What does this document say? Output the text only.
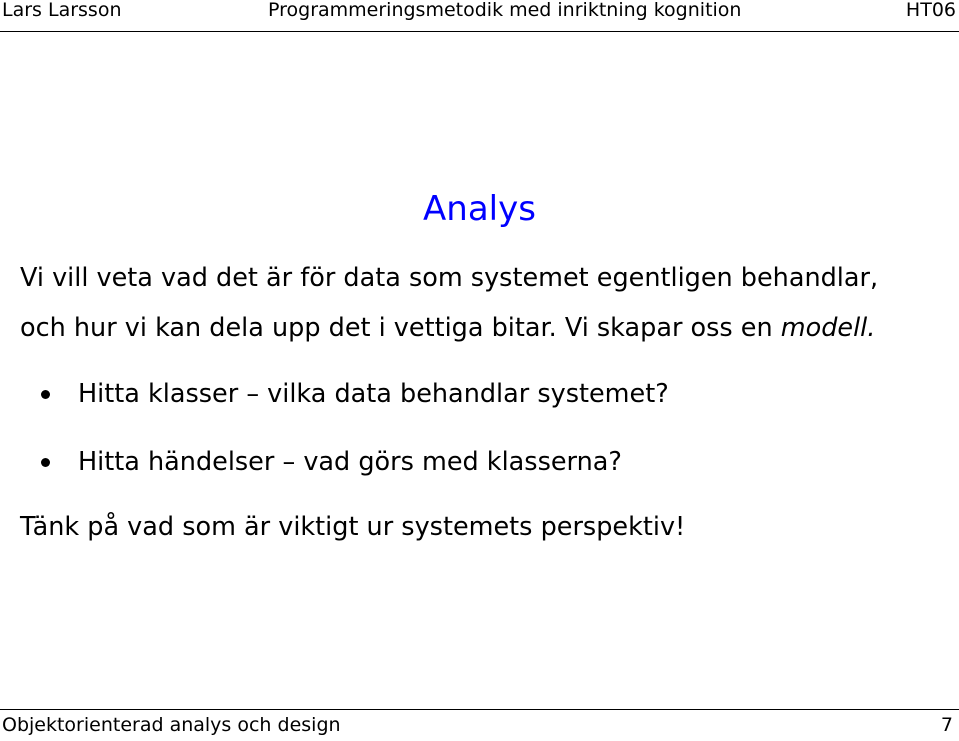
Lars Larsson	Programmeringsmetodik med inriktning kognition	HT06
Analys
Vi vill veta vad det är för data som systemet egentligen behandlar,
och hur vi kan dela upp det i vettiga bitar. Vi skapar oss en modell.
Hitta klasser – vilka data behandlar systemet?
Hitta händelser – vad görs med klasserna?
Tänk på vad som är viktigt ur systemets perspektiv!
Objektorienterad analys och design	7
